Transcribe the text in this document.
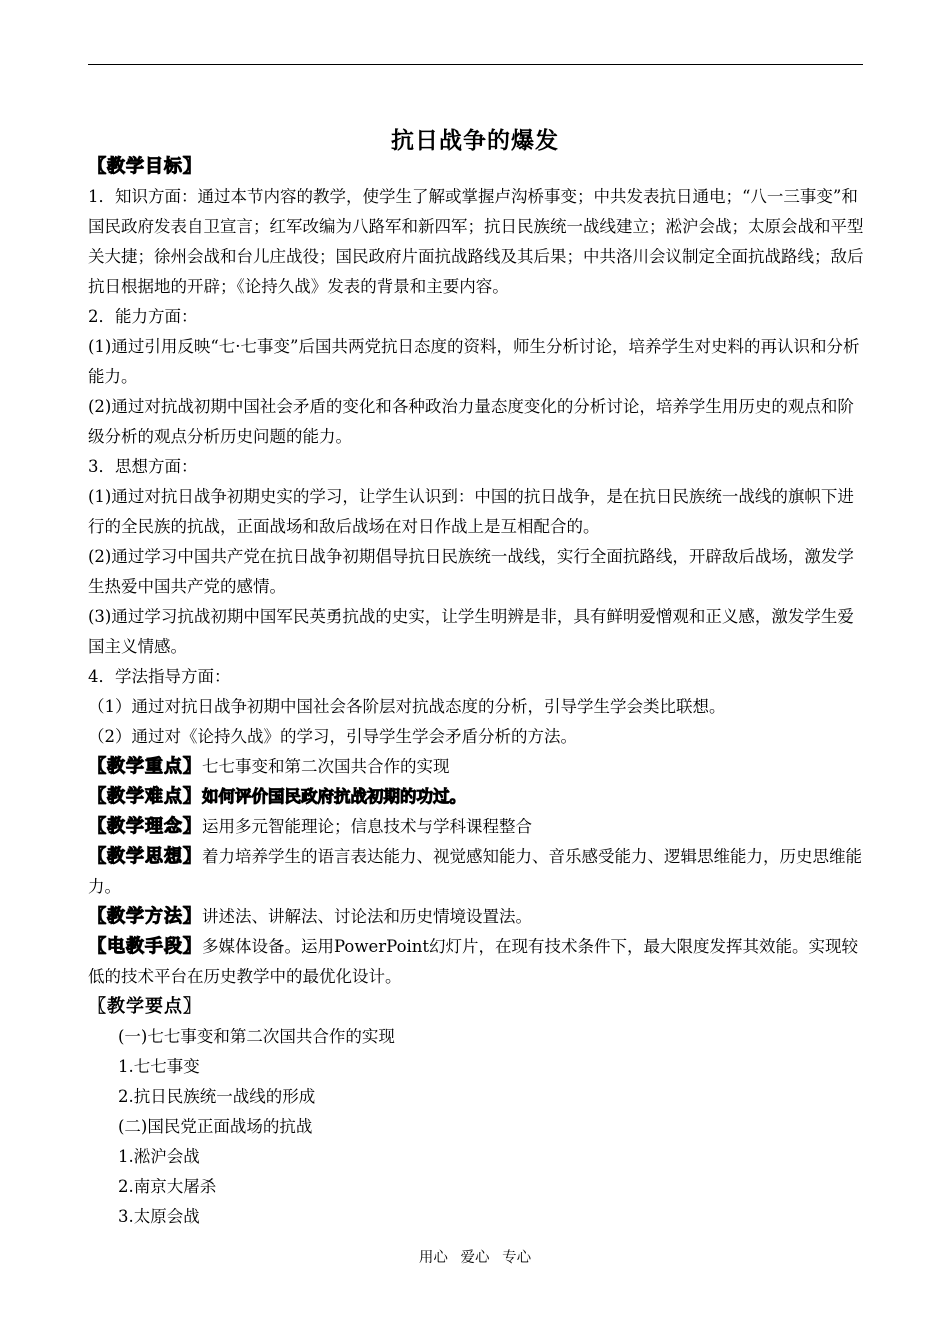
抗日战争的爆发

〖教学目标〗

1．知识方面：通过本节内容的教学，使学生了解或掌握卢沟桥事变；中共发表抗日通电；“八一三事变”和国民政府发表自卫宣言；红军改编为八路军和新四军；抗日民族统一战线建立；淞沪会战；太原会战和平型关大捷；徐州会战和台儿庄战役；国民政府片面抗战路线及其后果；中共洛川会议制定全面抗战路线；敌后抗日根据地的开辟；《论持久战》发表的背景和主要内容。

2．能力方面：

(1)通过引用反映“七·七事变”后国共两党抗日态度的资料，师生分析讨论，培养学生对史料的再认识和分析能力。

(2)通过对抗战初期中国社会矛盾的变化和各种政治力量态度变化的分析讨论，培养学生用历史的观点和阶级分析的观点分析历史问题的能力。

3．思想方面：

(1)通过对抗日战争初期史实的学习，让学生认识到：中国的抗日战争，是在抗日民族统一战线的旗帜下进行的全民族的抗战，正面战场和敌后战场在对日作战上是互相配合的。

(2)通过学习中国共产党在抗日战争初期倡导抗日民族统一战线，实行全面抗路线，开辟敌后战场，激发学生热爱中国共产党的感情。

(3)通过学习抗战初期中国军民英勇抗战的史实，让学生明辨是非，具有鲜明爱憎观和正义感，激发学生爱国主义情感。

4．学法指导方面：

（1）通过对抗日战争初期中国社会各阶层对抗战态度的分析，引导学生学会类比联想。

（2）通过对《论持久战》的学习，引导学生学会矛盾分析的方法。

〖教学重点〗七七事变和第二次国共合作的实现

〖教学难点〗如何评价国民政府抗战初期的功过。

〖教学理念〗运用多元智能理论；信息技术与学科课程整合

〖教学思想〗着力培养学生的语言表达能力、视觉感知能力、音乐感受能力、逻辑思维能力，历史思维能力。

〖教学方法〗讲述法、讲解法、讨论法和历史情境设置法。

〖电教手段〗多媒体设备。运用PowerPoint幻灯片，在现有技术条件下，最大限度发挥其效能。实现较低的技术平台在历史教学中的最优化设计。

〖教学要点〗

(一)七七事变和第二次国共合作的实现

1.七七事变

2.抗日民族统一战线的形成

(二)国民党正面战场的抗战

1.淞沪会战

2.南京大屠杀

3.太原会战

用心 爱心 专心
